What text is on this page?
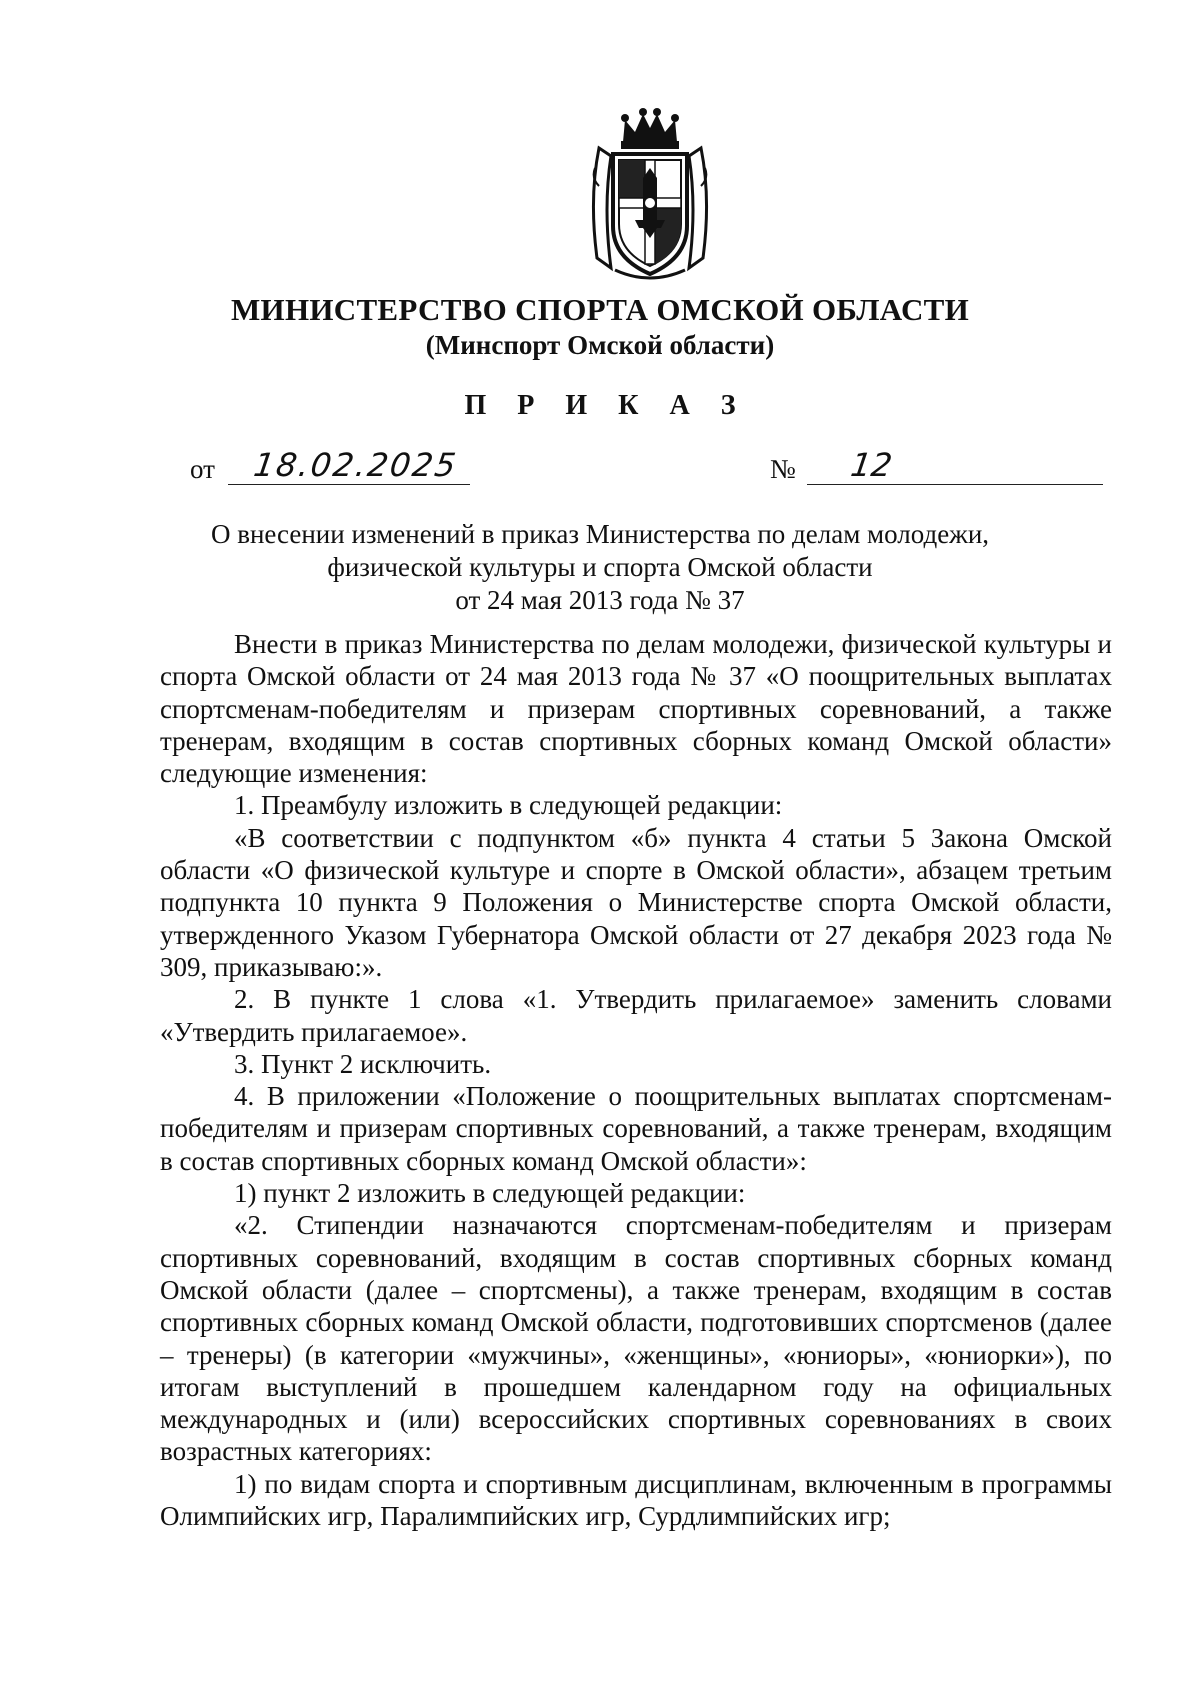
МИНИСТЕРСТВО СПОРТА ОМСКОЙ ОБЛАСТИ
(Минспорт Омской области)
П Р И К А З
от 18.02.2025	№ 12
О внесении изменений в приказ Министерства по делам молодежи,
физической культуры и спорта Омской области
от 24 мая 2013 года № 37

Внести в приказ Министерства по делам молодежи, физической культуры и спорта Омской области от 24 мая 2013 года № 37 «О поощрительных выплатах спортсменам-победителям и призерам спортивных соревнований, а также тренерам, входящим в состав спортивных сборных команд Омской области» следующие изменения:

1. Преамбулу изложить в следующей редакции:

«В соответствии с подпунктом «б» пункта 4 статьи 5 Закона Омской области «О физической культуре и спорте в Омской области», абзацем третьим подпункта 10 пункта 9 Положения о Министерстве спорта Омской области, утвержденного Указом Губернатора Омской области от 27 декабря 2023 года № 309, приказываю:».

2. В пункте 1 слова «1. Утвердить прилагаемое» заменить словами «Утвердить прилагаемое».

3. Пункт 2 исключить.

4. В приложении «Положение о поощрительных выплатах спортсменам-победителям и призерам спортивных соревнований, а также тренерам, входящим в состав спортивных сборных команд Омской области»:

1) пункт 2 изложить в следующей редакции:

«2. Стипендии назначаются спортсменам-победителям и призерам спортивных соревнований, входящим в состав спортивных сборных команд Омской области (далее – спортсмены), а также тренерам, входящим в состав спортивных сборных команд Омской области, подготовивших спортсменов (далее – тренеры) (в категории «мужчины», «женщины», «юниоры», «юниорки»), по итогам выступлений в прошедшем календарном году на официальных международных и (или) всероссийских спортивных соревнованиях в своих возрастных категориях:

1) по видам спорта и спортивным дисциплинам, включенным в программы Олимпийских игр, Паралимпийских игр, Сурдлимпийских игр;
